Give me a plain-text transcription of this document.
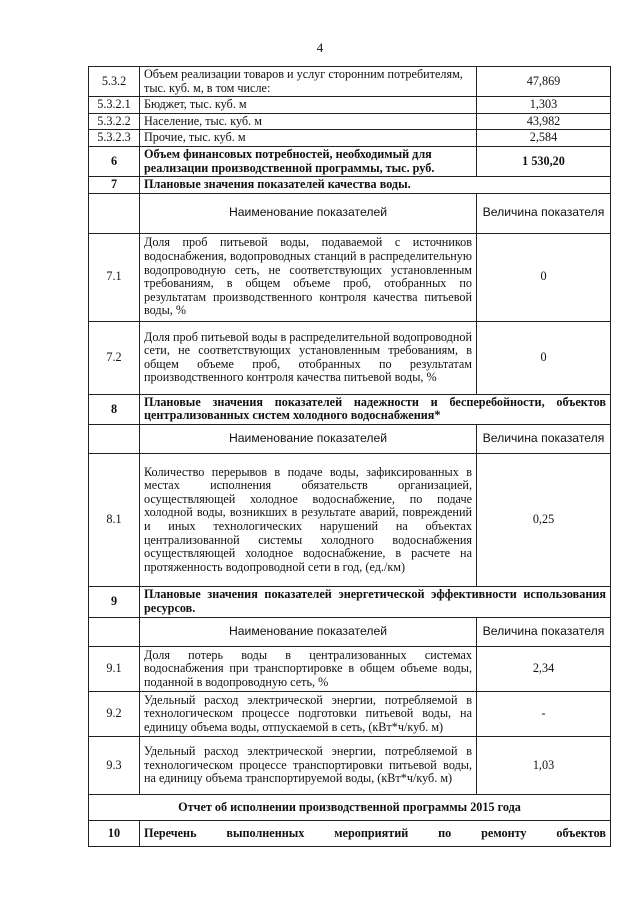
4
5.3.2	Объем реализации товаров и услуг сторонним потребителям, тыс. куб. м, в том числе:	47,869
5.3.2.1	Бюджет, тыс. куб. м	1,303
5.3.2.2	Население, тыс. куб. м	43,982
5.3.2.3	Прочие, тыс. куб. м	2,584
6	Объем финансовых потребностей, необходимый для реализации производственной программы, тыс. руб.	1 530,20
7	Плановые значения показателей качества воды.	
	Наименование показателей	Величина показателя
7.1	Доля проб питьевой воды, подаваемой с источников водоснабжения, водопроводных станций в распределительную водопроводную сеть, не соответствующих установленным требованиям, в общем объеме проб, отобранных по результатам производственного контроля качества питьевой воды, %	0
7.2	Доля проб питьевой воды в распределительной водопроводной сети, не соответствующих установленным требованиям, в общем объеме проб, отобранных по результатам производственного контроля качества питьевой воды, %	0
8	Плановые значения показателей надежности и бесперебойности, объектов централизованных систем холодного водоснабжения*	
	Наименование показателей	Величина показателя
8.1	Количество перерывов в подаче воды, зафиксированных в местах исполнения обязательств организацией, осуществляющей холодное водоснабжение, по подаче холодной воды, возникших в результате аварий, повреждений и иных технологических нарушений на объектах централизованной системы холодного водоснабжения осуществляющей холодное водоснабжение, в расчете на протяженность водопроводной сети в год, (ед./км)	0,25
9	Плановые значения показателей энергетической эффективности использования ресурсов.	
	Наименование показателей	Величина показателя
9.1	Доля потерь воды в централизованных системах водоснабжения при транспортировке в общем объеме воды, поданной в водопроводную сеть, %	2,34
9.2	Удельный расход электрической энергии, потребляемой в технологическом процессе подготовки питьевой воды, на единицу объема воды, отпускаемой в сеть, (кВт*ч/куб. м)	-
9.3	Удельный расход электрической энергии, потребляемой в технологическом процессе транспортировки питьевой воды, на единицу объема транспортируемой воды, (кВт*ч/куб. м)	1,03
Отчет об исполнении производственной программы 2015 года		
10	Перечень выполненных мероприятий по ремонту объектов	
